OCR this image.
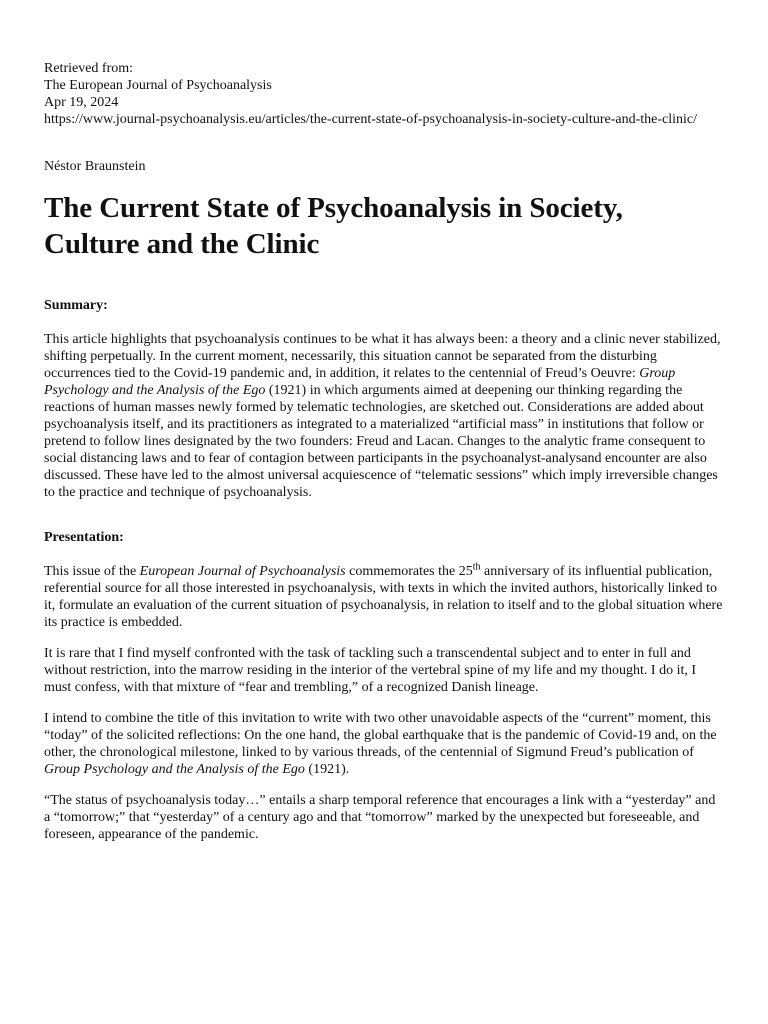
Retrieved from:
The European Journal of Psychoanalysis
Apr 19, 2024
https://www.journal-psychoanalysis.eu/articles/the-current-state-of-psychoanalysis-in-society-culture-and-the-clinic/

Néstor Braunstein

The Current State of Psychoanalysis in Society, Culture and the Clinic

Summary:

This article highlights that psychoanalysis continues to be what it has always been: a theory and a clinic never stabilized, shifting perpetually. In the current moment, necessarily, this situation cannot be separated from the disturbing occurrences tied to the Covid-19 pandemic and, in addition, it relates to the centennial of Freud’s Oeuvre: Group Psychology and the Analysis of the Ego (1921) in which arguments aimed at deepening our thinking regarding the reactions of human masses newly formed by telematic technologies, are sketched out. Considerations are added about psychoanalysis itself, and its practitioners as integrated to a materialized “artificial mass” in institutions that follow or pretend to follow lines designated by the two founders: Freud and Lacan. Changes to the analytic frame consequent to social distancing laws and to fear of contagion between participants in the psychoanalyst-analysand encounter are also discussed. These have led to the almost universal acquiescence of “telematic sessions” which imply irreversible changes to the practice and technique of psychoanalysis.

Presentation:

This issue of the European Journal of Psychoanalysis commemorates the 25th anniversary of its influential publication, referential source for all those interested in psychoanalysis, with texts in which the invited authors, historically linked to it, formulate an evaluation of the current situation of psychoanalysis, in relation to itself and to the global situation where its practice is embedded.

It is rare that I find myself confronted with the task of tackling such a transcendental subject and to enter in full and without restriction, into the marrow residing in the interior of the vertebral spine of my life and my thought. I do it, I must confess, with that mixture of “fear and trembling,” of a recognized Danish lineage.

I intend to combine the title of this invitation to write with two other unavoidable aspects of the “current” moment, this “today” of the solicited reflections: On the one hand, the global earthquake that is the pandemic of Covid-19 and, on the other, the chronological milestone, linked to by various threads, of the centennial of Sigmund Freud’s publication of Group Psychology and the Analysis of the Ego (1921).

“The status of psychoanalysis today…” entails a sharp temporal reference that encourages a link with a “yesterday” and a “tomorrow;” that “yesterday” of a century ago and that “tomorrow” marked by the unexpected but foreseeable, and foreseen, appearance of the pandemic.
